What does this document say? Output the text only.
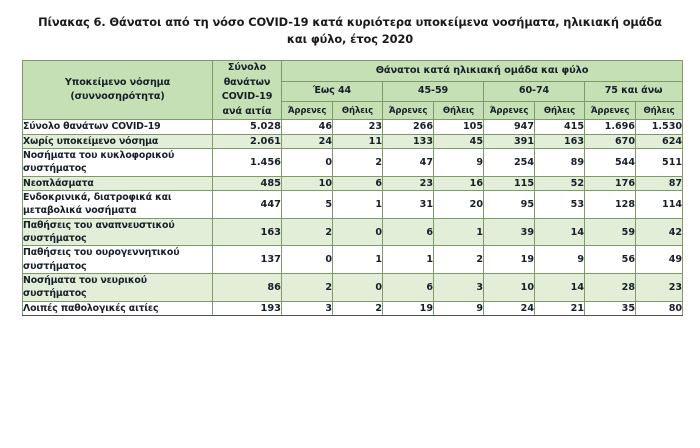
Πίνακας 6. Θάνατοι από τη νόσο COVID-19 κατά κυριότερα υποκείμενα νοσήματα, ηλικιακή ομάδα
και φύλο, έτος 2020
Υποκείμενο νόσημα
(συννοσηρότητα)

Σύνολο
θανάτων
COVID-19
ανά αιτία
	Θάνατοι κατά ηλικιακή ομάδα και φύλο
		Έως 44		45-59		60-74		75 και άνω	
		Άρρενες	Θήλεις	Άρρενες	Θήλεις	Άρρενες	Θήλεις	Άρρενες	Θήλεις
Σύνολο θανάτων COVID-19	5.028	46	23	266	105	947	415	1.696	1.530
Χωρίς υποκείμενο νόσημα	2.061	24	11	133	45	391	163	670	624
Νοσήματα του κυκλοφορικού συστήματος	1.456	0	2	47	9	254	89	544	511
Νεοπλάσματα	485	10	6	23	16	115	52	176	87
Ενδοκρινικά, διατροφικά και μεταβολικά νοσήματα	447	5	1	31	20	95	53	128	114
Παθήσεις του αναπνευστικού συστήματος	163	2	0	6	1	39	14	59	42
Παθήσεις του ουρογεννητικού συστήματος	137	0	1	1	2	19	9	56	49
Νοσήματα του νευρικού συστήματος	86	2	0	6	3	10	14	28	23
Λοιπές παθολογικές αιτίες	193	3	2	19	9	24	21	35	80
